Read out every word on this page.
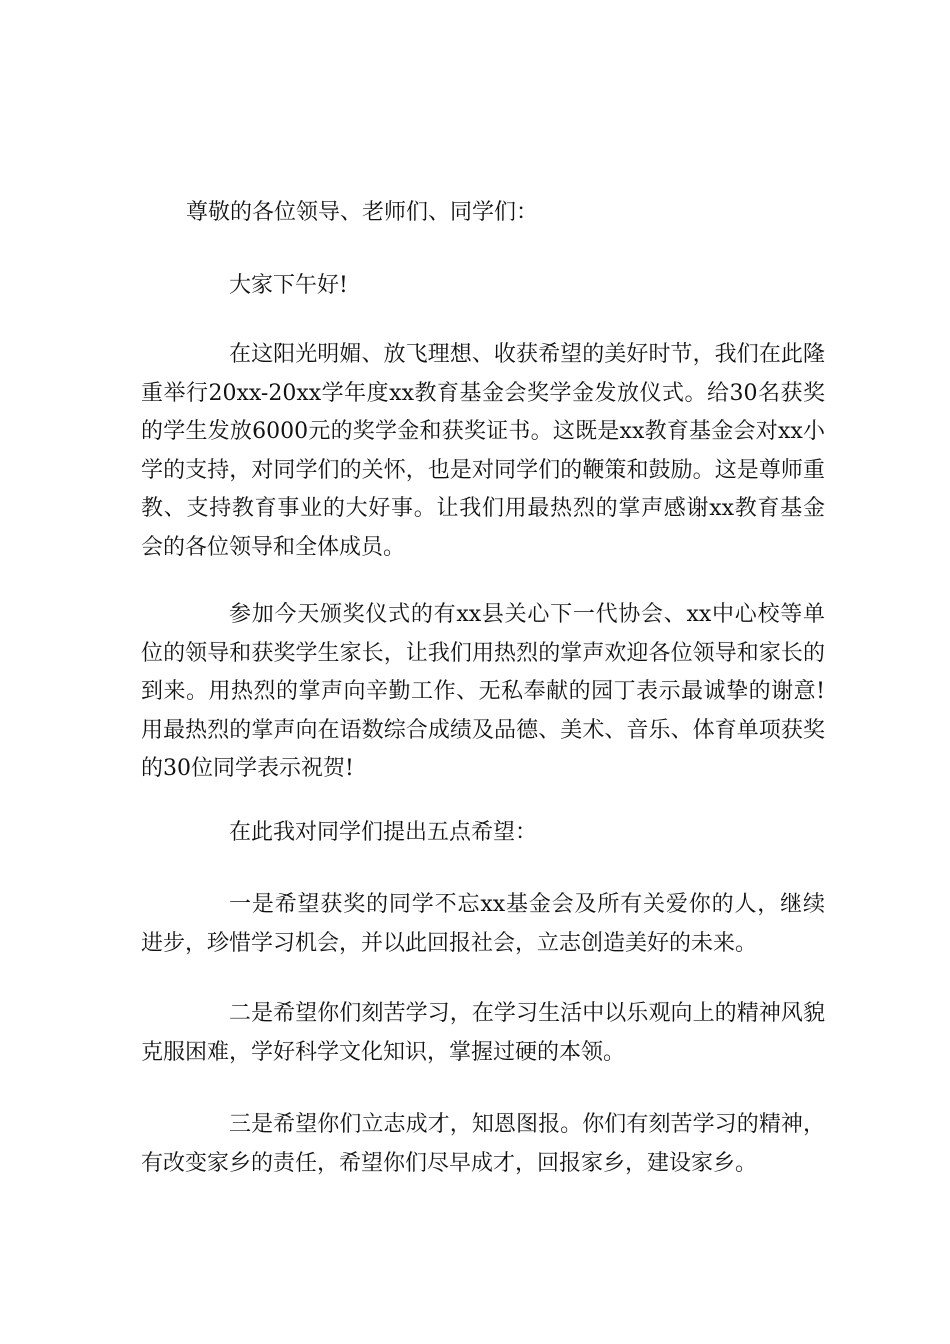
尊敬的各位领导、老师们、同学们：

大家下午好!

在这阳光明媚、放飞理想、收获希望的美好时节，我们在此隆重举行20xx-20xx学年度xx教育基金会奖学金发放仪式。给30名获奖的学生发放6000元的奖学金和获奖证书。这既是xx教育基金会对xx小学的支持，对同学们的关怀，也是对同学们的鞭策和鼓励。这是尊师重教、支持教育事业的大好事。让我们用最热烈的掌声感谢xx教育基金会的各位领导和全体成员。

参加今天颁奖仪式的有xx县关心下一代协会、xx中心校等单位的领导和获奖学生家长，让我们用热烈的掌声欢迎各位领导和家长的到来。用热烈的掌声向辛勤工作、无私奉献的园丁表示最诚挚的谢意!用最热烈的掌声向在语数综合成绩及品德、美术、音乐、体育单项获奖的30位同学表示祝贺!

在此我对同学们提出五点希望：

一是希望获奖的同学不忘xx基金会及所有关爱你的人，继续进步，珍惜学习机会，并以此回报社会，立志创造美好的未来。

二是希望你们刻苦学习，在学习生活中以乐观向上的精神风貌克服困难，学好科学文化知识，掌握过硬的本领。

三是希望你们立志成才，知恩图报。你们有刻苦学习的精神，有改变家乡的责任，希望你们尽早成才，回报家乡，建设家乡。
